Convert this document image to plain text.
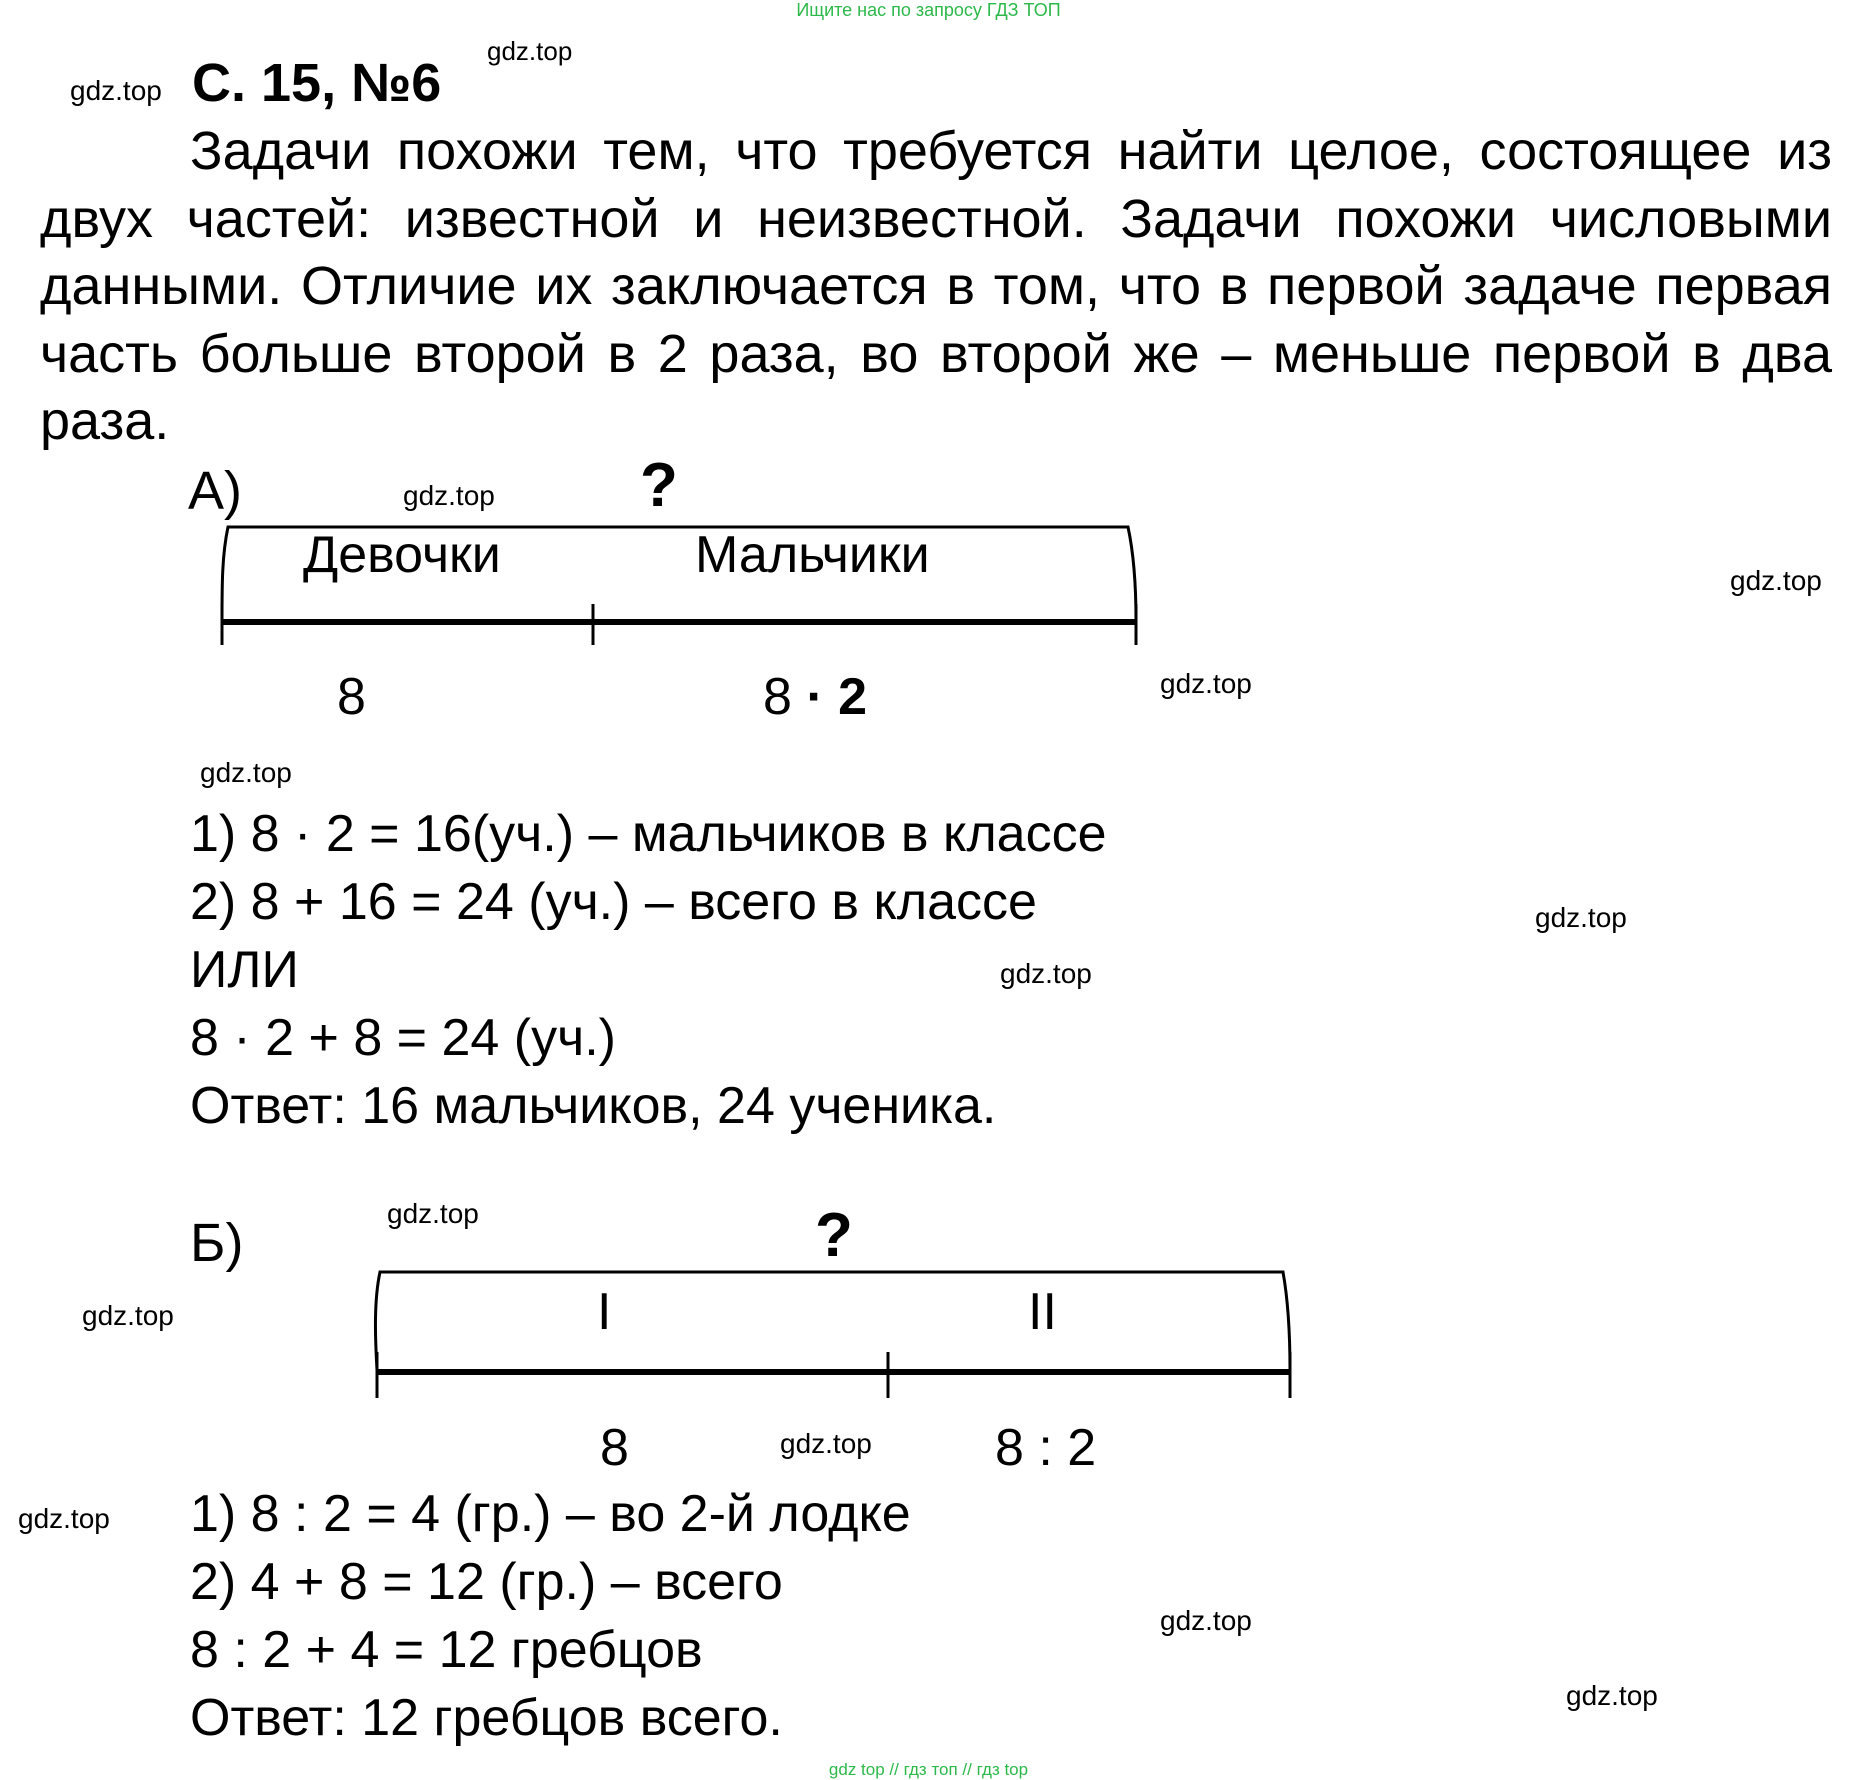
Ищите нас по запросу ГДЗ ТОП
gdz.top
gdz.top
gdz.top
gdz.top
gdz.top
gdz.top
gdz.top
gdz.top
gdz.top
gdz.top
gdz.top
gdz.top
gdz.top
gdz.top
С. 15, №6
Задачи похожи тем, что требуется найти целое, состоящее из двух частей: известной и неизвестной. Задачи похожи числовыми данными. Отличие их заключается в том, что в первой задаче первая часть больше второй в 2 раза, во второй же – меньше первой в два раза.
А)	?
Девочки	Мальчики
8	8 · 2
1) 8 · 2 = 16(уч.) – мальчиков в классе
2) 8 + 16 = 24 (уч.) – всего в классе
ИЛИ
8 · 2 + 8 = 24 (уч.)
Ответ: 16 мальчиков, 24 ученика.
Б)	?
I	II
8	8 : 2
1) 8 : 2 = 4 (гр.) – во 2-й лодке
2) 4 + 8 = 12 (гр.) – всего
8 : 2 + 4 = 12 гребцов
Ответ: 12 гребцов всего.
gdz top // гдз топ // гдз top
